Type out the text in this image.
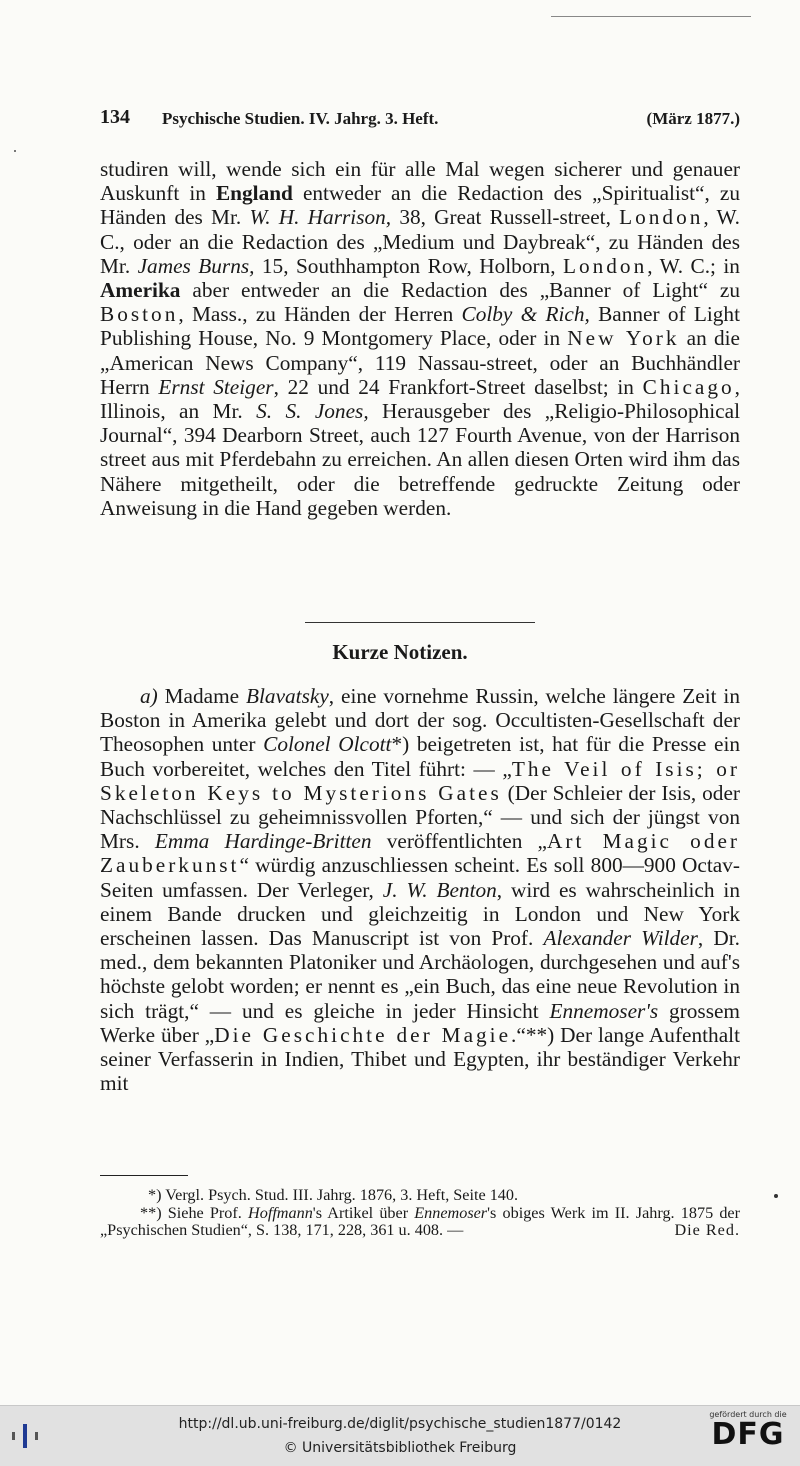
134 Psychische Studien. IV. Jahrg. 3. Heft.	(März 1877.)

studiren will, wende sich ein für alle Mal wegen sicherer und genauer Auskunft in England entweder an die Redaction des „Spiritualist“, zu Händen des Mr. W. H. Harrison, 38, Great Russell-street, London, W. C., oder an die Redaction des „Medium und Daybreak“, zu Händen des Mr. James Burns, 15, Southhampton Row, Holborn, London, W. C.; in Amerika aber entweder an die Redaction des „Banner of Light“ zu Boston, Mass., zu Händen der Herren Colby & Rich, Banner of Light Publishing House, No. 9 Montgomery Place, oder in New York an die „American News Company“, 119 Nassau-street, oder an Buchhändler Herrn Ernst Steiger, 22 und 24 Frankfort-Street daselbst; in Chicago, Illinois, an Mr. S. S. Jones, Herausgeber des „Religio-Philosophical Journal“, 394 Dearborn Street, auch 127 Fourth Avenue, von der Harrison street aus mit Pferdebahn zu erreichen. An allen diesen Orten wird ihm das Nähere mitgetheilt, oder die betreffende gedruckte Zeitung oder Anweisung in die Hand gegeben werden.

Kurze Notizen.

a) Madame Blavatsky, eine vornehme Russin, welche längere Zeit in Boston in Amerika gelebt und dort der sog. Occultisten-Gesellschaft der Theosophen unter Colonel Olcott*) beigetreten ist, hat für die Presse ein Buch vorbereitet, welches den Titel führt: — „The Veil of Isis; or Skeleton Keys to Mysterions Gates (Der Schleier der Isis, oder Nachschlüssel zu geheimnissvollen Pforten,“ — und sich der jüngst von Mrs. Emma Hardinge-Britten veröffentlichten „Art Magic oder Zauberkunst“ würdig anzuschliessen scheint. Es soll 800—900 Octav-Seiten umfassen. Der Verleger, J. W. Benton, wird es wahrscheinlich in einem Bande drucken und gleichzeitig in London und New York erscheinen lassen. Das Manuscript ist von Prof. Alexander Wilder, Dr. med., dem bekannten Platoniker und Archäologen, durchgesehen und auf's höchste gelobt worden; er nennt es „ein Buch, das eine neue Revolution in sich trägt,“ — und es gleiche in jeder Hinsicht Ennemoser's grossem Werke über „Die Geschichte der Magie.“**) Der lange Aufenthalt seiner Verfasserin in Indien, Thibet und Egypten, ihr beständiger Verkehr mit

*) Vergl. Psych. Stud. III. Jahrg. 1876, 3. Heft, Seite 140.

**) Siehe Prof. Hoffmann's Artikel über Ennemoser's obiges Werk im II. Jahrg. 1875 der „Psychischen Studien“, S. 138, 171, 228, 361 u. 408. —	Die Red.

http://dl.ub.uni-freiburg.de/diglit/psychische_studien1877/0142
© Universitätsbibliothek Freiburg
gefördert durch die
DFG
